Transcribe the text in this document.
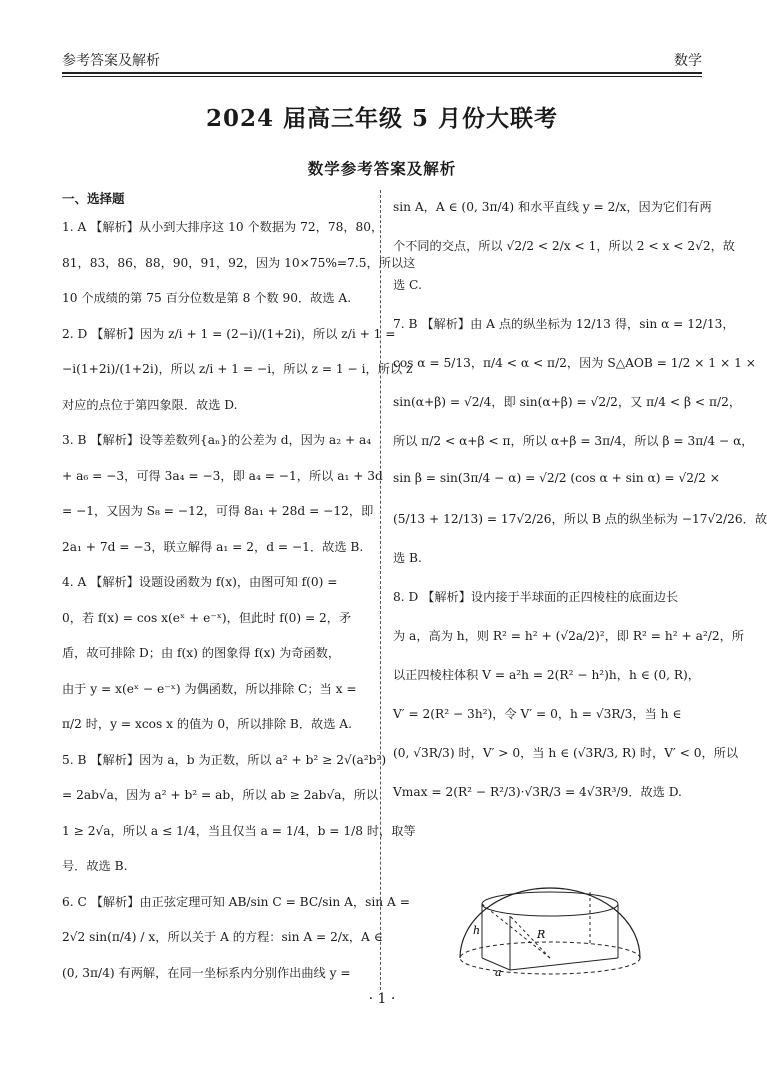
参考答案及解析	数学
2024 届高三年级 5 月份大联考
数学参考答案及解析
一、选择题
1. A 【解析】从小到大排序这 10 个数据为 72，78，80，
81，83，86，88，90，91，92，因为 10×75%=7.5，所以这
10 个成绩的第 75 百分位数是第 8 个数 90．故选 A.
2. D 【解析】因为 z/i + 1 = (2−i)/(1+2i)，所以 z/i + 1 =
−i(1+2i)/(1+2i)，所以 z/i + 1 = −i，所以 z = 1 − i，所以 z
对应的点位于第四象限．故选 D.
3. B 【解析】设等差数列{aₙ}的公差为 d，因为 a₂ + a₄
+ a₆ = −3，可得 3a₄ = −3，即 a₄ = −1，所以 a₁ + 3d
= −1，又因为 S₈ = −12，可得 8a₁ + 28d = −12，即
2a₁ + 7d = −3，联立解得 a₁ = 2，d = −1．故选 B.
4. A 【解析】设题设函数为 f(x)，由图可知 f(0) =
0，若 f(x) = cos x(eˣ + e⁻ˣ)，但此时 f(0) = 2，矛
盾，故可排除 D；由 f(x) 的图象得 f(x) 为奇函数，
由于 y = x(eˣ − e⁻ˣ) 为偶函数，所以排除 C；当 x =
π/2 时，y = xcos x 的值为 0，所以排除 B．故选 A.
5. B 【解析】因为 a，b 为正数，所以 a² + b² ≥ 2√(a²b²)
= 2ab√a，因为 a² + b² = ab，所以 ab ≥ 2ab√a，所以
1 ≥ 2√a，所以 a ≤ 1/4，当且仅当 a = 1/4，b = 1/8 时，取等
号．故选 B.
6. C 【解析】由正弦定理可知 AB/sin C = BC/sin A，sin A =
2√2 sin(π/4) / x，所以关于 A 的方程：sin A = 2/x，A ∈
(0, 3π/4) 有两解，在同一坐标系内分别作出曲线 y =
sin A，A ∈ (0, 3π/4) 和水平直线 y = 2/x，因为它们有两
个不同的交点，所以 √2/2 < 2/x < 1，所以 2 < x < 2√2，故
选 C.
7. B 【解析】由 A 点的纵坐标为 12/13 得，sin α = 12/13，
cos α = 5/13，π/4 < α < π/2，因为 S△AOB = 1/2 × 1 × 1 ×
sin(α+β) = √2/4，即 sin(α+β) = √2/2，又 π/4 < β < π/2，
所以 π/2 < α+β < π，所以 α+β = 3π/4，所以 β = 3π/4 − α，
sin β = sin(3π/4 − α) = √2/2 (cos α + sin α) = √2/2 ×
(5/13 + 12/13) = 17√2/26，所以 B 点的纵坐标为 −17√2/26．故
选 B.
8. D 【解析】设内接于半球面的正四棱柱的底面边长
为 a，高为 h，则 R² = h² + (√2a/2)²，即 R² = h² + a²/2，所
以正四棱柱体积 V = a²h = 2(R² − h²)h，h ∈ (0, R)，
V′ = 2(R² − 3h²)，令 V′ = 0，h = √3R/3，当 h ∈
(0, √3R/3) 时，V′ > 0，当 h ∈ (√3R/3, R) 时，V′ < 0，所以
Vmax = 2(R² − R²/3)·√3R/3 = 4√3R³/9．故选 D.
h	R
a
· 1 ·
